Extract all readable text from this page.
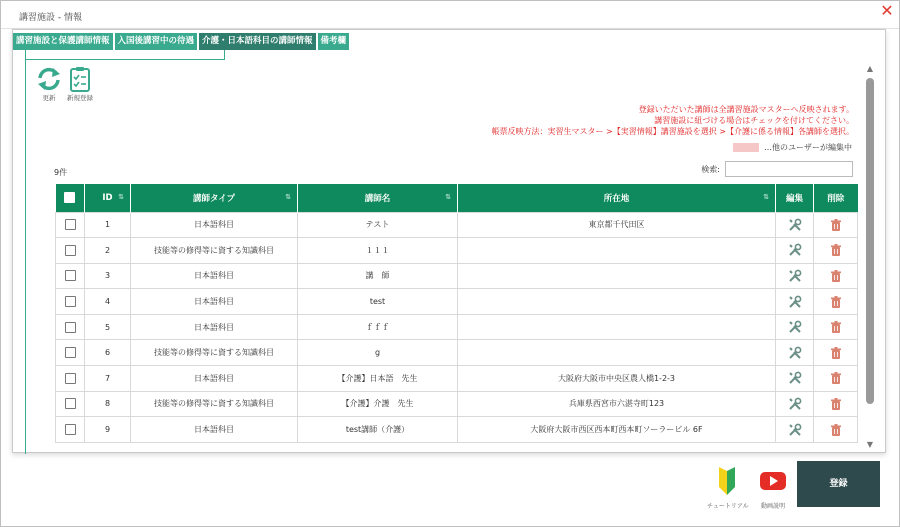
講習施設 - 情報	✕
講習施設と保護講師情報 入国後講習中の待遇 介護・日本語科目の講師情報 備考欄
更新	新規登録
登録いただいた講師は全講習施設マスターへ反映されます。
講習施設に紐づける場合はチェックを付けてください。
帳票反映方法：実習生マスター >【実習情報】講習施設を選択 >【介護に係る情報】各講師を選択。
…他のユーザーが編集中
9件	検索:
	ID ⇅	講師タイプ ⇅	講師名 ⇅	所在地 ⇅	編集	削除
	1	日本語科目	テスト	東京都千代田区		
	2	技能等の修得等に資する知識科目	１１１			
	3	日本語科目	講　師			
	4	日本語科目	test			
	5	日本語科目	ｆｆｆ			
	6	技能等の修得等に資する知識科目	g			
	7	日本語科目	【介護】日本語　先生	大阪府大阪市中央区農人橋1-2-3		
	8	技能等の修得等に資する知識科目	【介護】介護　先生	兵庫県西宮市六湛寺町123		
	9	日本語科目	test講師（介護）	大阪府大阪市西区西本町西本町ソーラービル 6F		
▲
▼
チュートリアル	動画説明
登録
